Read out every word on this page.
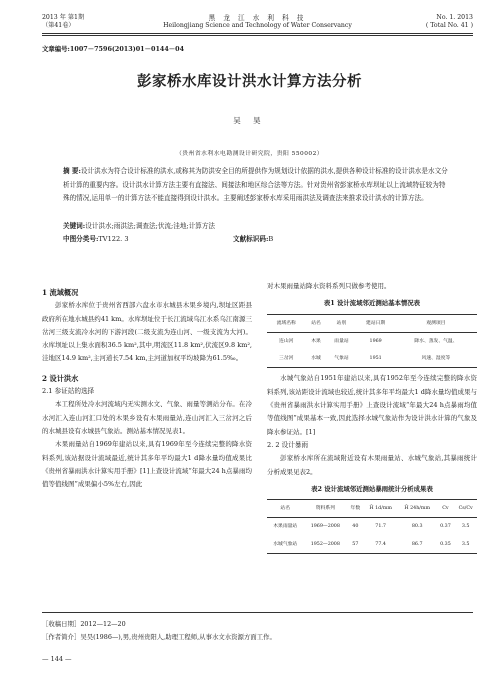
2013 年 第1期
（第41卷）
黑 龙 江 水 利 科 技
Heilongjiang Science and Technology of Water Conservancy
No. 1. 2013
( Total No. 41 )
文章编号:1007－7596(2013)01－0144－04
彭家桥水库设计洪水计算方法分析
吴 昊
（贵州省水利水电勘测设计研究院，贵阳 550002）
摘 要:设计洪水为符合设计标准的洪水,或称其为防洪安全目的所提供作为规划设计依据的洪水,提供各种设计标准的设计洪水是水文分析计算的重要内容。设计洪水计算方法主要有直接法、间接法和地区综合法等方法。针对贵州省彭家桥水库坝址以上流域特征较为特殊的情况,运用单一的计算方法不能直接得到设计洪水。主要阐述彭家桥水库采用雨洪法及调查法来推求设计洪水的计算方法。
关键词:设计洪水;雨洪法;调查法;伏流;洼地;计算方法
中图分类号:TV122. 3	文献标识码:B
1 流域概况

彭家桥水库位于贵州省西部六盘水市水城县木果乡境内,坝址区距县政府所在地水城县约41 km。水库坝址位于长江流域乌江水系乌江南源三岔河三级支流冷水河的下游河段(二级支流为连山河、一级支流为大河)。水库坝址以上集水面积36.5 km²,其中,明流区11.8 km²,伏流区9.8 km²,洼地区14.9 km²,主河道长7.54 km,主河道加权平均坡降为61.5‰。

2 设计洪水
2.1 参证站的选择

本工程所处冷水河流域内无实测水文、气象、雨量等测站分布。在冷水河汇入连山河汇口处的木果乡设有木果雨量站,连山河汇入三岔河之后的水城县设有水城县气象站。测站基本情况见表1。

木果雨量站自1969年建站以来,具有1969年至今连续完整的降水资料系列,该站据设计流域最近,统计其多年平均最大1 d降水量均值成果比《贵州省暴雨洪水计算实用手册》[1]上查设计流域“年最大24 h点暴雨均值等值线图”成果偏小5%左右,因此

对木果雨量站降水资料系列只做参考使用。
表1 设计流域邻近测站基本情况表
流域名称	站名	站别	建站日期	观测项目
连山河	木果	雨量站	1969	降水、蒸发、气温、
三岔河	水城	气象站	1951	风速、湿度等

水城气象站自1951年建站以来,具有1952年至今连续完整的降水资料系列,该站距设计流域也较近,统计其多年平均最大1 d降水量均值成果与《贵州省暴雨洪水计算实用手册》上查设计流域“年最大24 h点暴雨均值等值线图”成果基本一致,因此选择水城气象站作为设计洪水计算的气象及降水参证站。[1]

2. 2 设计暴雨

彭家桥水库所在流域附近设有木果雨量站、水城气象站,其暴雨统计分析成果见表2。

表2 设计流域邻近测站暴雨统计分析成果表
站名	资料系列	年数	H̄ 1d/mm	H̄ 24h/mm	Cv	Cs/Cv
木果雨量站	1969—2008	40	71.7	80.3	0.37	3.5
水城气象站	1952—2008	57	77.4	86.7	0.35	3.5
［收稿日期］2012—12—20
［作者简介］吴昊(1986—),男,贵州贵阳人,助理工程师,从事水文水资源方面工作。
— 144 —
